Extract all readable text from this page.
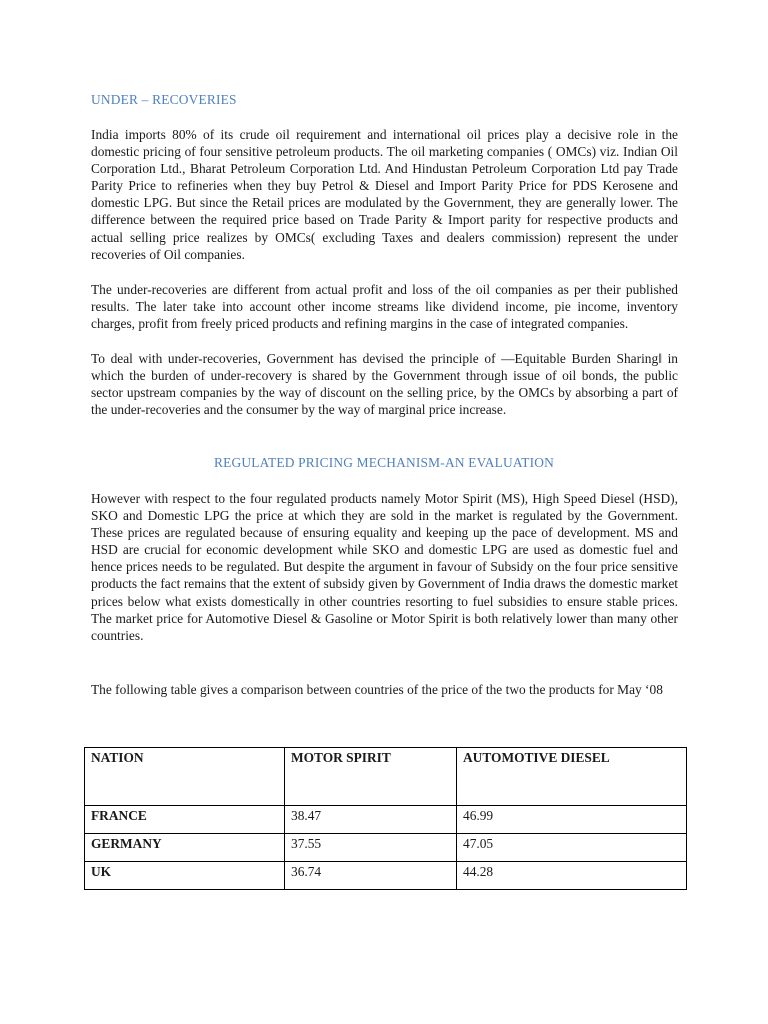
UNDER – RECOVERIES

India imports 80% of its crude oil requirement and international oil prices play a decisive role in the domestic pricing of four sensitive petroleum products. The oil marketing companies ( OMCs) viz. Indian Oil Corporation Ltd., Bharat Petroleum Corporation Ltd. And Hindustan Petroleum Corporation Ltd pay Trade Parity Price to refineries when they buy Petrol & Diesel and Import Parity Price for PDS Kerosene and domestic LPG. But since the Retail prices are modulated by the Government, they are generally lower. The difference between the required price based on Trade Parity & Import parity for respective products and actual selling price realizes by OMCs( excluding Taxes and dealers commission) represent the under recoveries of Oil companies.

The under-recoveries are different from actual profit and loss of the oil companies as per their published results. The later take into account other income streams like dividend income, pie income, inventory charges, profit from freely priced products and refining margins in the case of integrated companies.

To deal with under-recoveries, Government has devised the principle of ―Equitable Burden Sharing‖ in which the burden of under-recovery is shared by the Government through issue of oil bonds, the public sector upstream companies by the way of discount on the selling price, by the OMCs by absorbing a part of the under-recoveries and the consumer by the way of marginal price increase.

REGULATED PRICING MECHANISM-AN EVALUATION

However with respect to the four regulated products namely Motor Spirit (MS), High Speed Diesel (HSD), SKO and Domestic LPG the price at which they are sold in the market is regulated by the Government. These prices are regulated because of ensuring equality and keeping up the pace of development. MS and HSD are crucial for economic development while SKO and domestic LPG are used as domestic fuel and hence prices needs to be regulated. But despite the argument in favour of Subsidy on the four price sensitive products the fact remains that the extent of subsidy given by Government of India draws the domestic market prices below what exists domestically in other countries resorting to fuel subsidies to ensure stable prices. The market price for Automotive Diesel & Gasoline or Motor Spirit is both relatively lower than many other countries.

The following table gives a comparison between countries of the price of the two the products for May ‘08

NATION	MOTOR SPIRIT	AUTOMOTIVE DIESEL
FRANCE	38.47	46.99
GERMANY	37.55	47.05
UK	36.74	44.28
